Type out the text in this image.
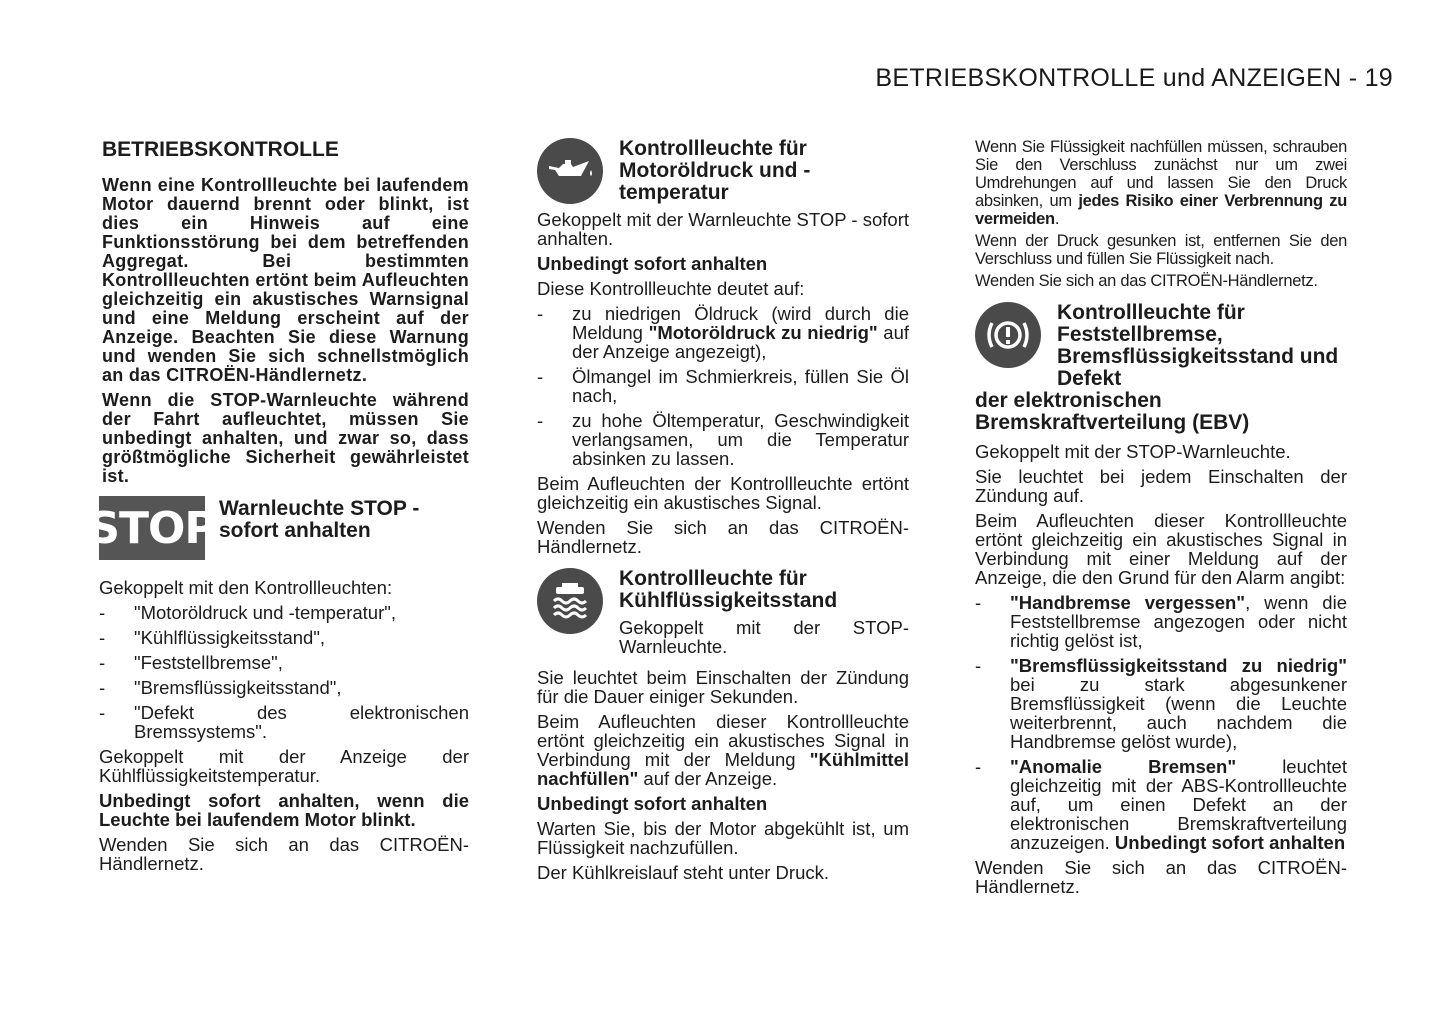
BETRIEBSKONTROLLE und ANZEIGEN - 19
BETRIEBSKONTROLLE
Wenn eine Kontrollleuchte bei laufendem Motor dauernd brennt oder blinkt, ist dies ein Hinweis auf eine Funktionsstörung bei dem betreffenden Aggregat. Bei bestimmten Kontrollleuchten ertönt beim Aufleuchten gleichzeitig ein akustisches Warnsignal und eine Meldung erscheint auf der Anzeige. Beachten Sie diese Warnung und wenden Sie sich schnellstmöglich an das CITROËN-Händlernetz.
Wenn die STOP-Warnleuchte während der Fahrt aufleuchtet, müssen Sie unbedingt anhalten, und zwar so, dass größtmögliche Sicherheit gewährleistet ist.
STOP Warnleuchte STOP -
sofort anhalten

Gekoppelt mit den Kontrollleuchten:

- "Motoröldruck und -temperatur",
- "Kühlflüssigkeitsstand",
- "Feststellbremse",
- "Bremsflüssigkeitsstand",
- "Defekt des elektronischen Bremssystems".

Gekoppelt mit der Anzeige der Kühlflüssigkeitstemperatur.

Unbedingt sofort anhalten, wenn die Leuchte bei laufendem Motor blinkt.

Wenden Sie sich an das CITROËN-Händlernetz.

Kontrollleuchte für Motoröldruck und -temperatur

Gekoppelt mit der Warnleuchte STOP - sofort anhalten.

Unbedingt sofort anhalten

Diese Kontrollleuchte deutet auf:

- zu niedrigen Öldruck (wird durch die Meldung "Motoröldruck zu niedrig" auf der Anzeige angezeigt),
- Ölmangel im Schmierkreis, füllen Sie Öl nach,
- zu hohe Öltemperatur, Geschwindigkeit verlangsamen, um die Temperatur absinken zu lassen.

Beim Aufleuchten der Kontrollleuchte ertönt gleichzeitig ein akustisches Signal.

Wenden Sie sich an das CITROËN-Händlernetz.

Kontrollleuchte für Kühlflüssigkeitsstand

Gekoppelt mit der STOP-Warnleuchte.

Sie leuchtet beim Einschalten der Zündung für die Dauer einiger Sekunden.

Beim Aufleuchten dieser Kontrollleuchte ertönt gleichzeitig ein akustisches Signal in Verbindung mit der Meldung "Kühlmittel nachfüllen" auf der Anzeige.

Unbedingt sofort anhalten

Warten Sie, bis der Motor abgekühlt ist, um Flüssigkeit nachzufüllen.

Der Kühlkreislauf steht unter Druck.

Wenn Sie Flüssigkeit nachfüllen müssen, schrauben Sie den Verschluss zunächst nur um zwei Umdrehungen auf und lassen Sie den Druck absinken, um jedes Risiko einer Verbrennung zu vermeiden.

Wenn der Druck gesunken ist, entfernen Sie den Verschluss und füllen Sie Flüssigkeit nach.

Wenden Sie sich an das CITROËN-Händlernetz.

Kontrollleuchte für Feststellbremse, Bremsflüssigkeitsstand und Defekt
der elektronischen Bremskraftverteilung (EBV)

Gekoppelt mit der STOP-Warnleuchte.

Sie leuchtet bei jedem Einschalten der Zündung auf.

Beim Aufleuchten dieser Kontrollleuchte ertönt gleichzeitig ein akustisches Signal in Verbindung mit einer Meldung auf der Anzeige, die den Grund für den Alarm angibt:

- "Handbremse vergessen", wenn die Feststellbremse angezogen oder nicht richtig gelöst ist,
- "Bremsflüssigkeitsstand zu niedrig" bei zu stark abgesunkener Bremsflüssigkeit (wenn die Leuchte weiterbrennt, auch nachdem die Handbremse gelöst wurde),
- "Anomalie Bremsen" leuchtet gleichzeitig mit der ABS-Kontrollleuchte auf, um einen Defekt an der elektronischen Bremskraftverteilung anzuzeigen. Unbedingt sofort anhalten

Wenden Sie sich an das CITROËN-Händlernetz.
